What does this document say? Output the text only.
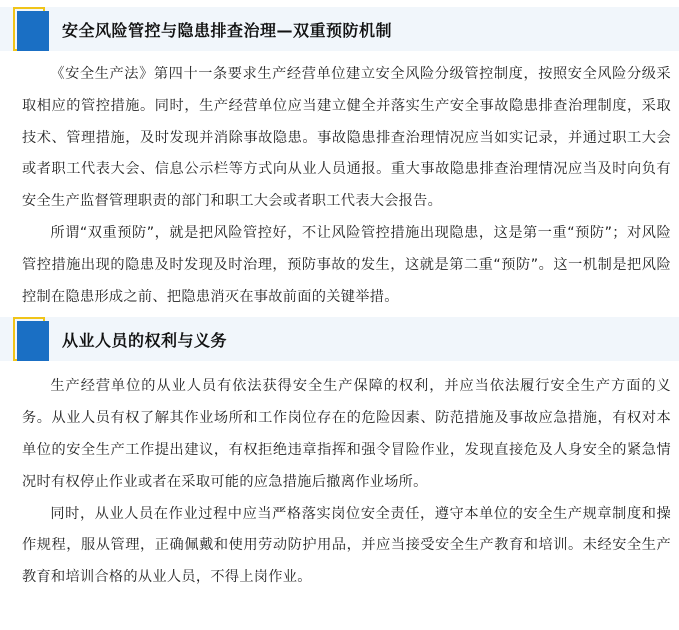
安全风险管控与隐患排查治理—双重预防机制

《安全生产法》第四十一条要求生产经营单位建立安全风险分级管控制度，按照安全风险分级采取相应的管控措施。同时，生产经营单位应当建立健全并落实生产安全事故隐患排查治理制度，采取技术、管理措施，及时发现并消除事故隐患。事故隐患排查治理情况应当如实记录，并通过职工大会或者职工代表大会、信息公示栏等方式向从业人员通报。重大事故隐患排查治理情况应当及时向负有安全生产监督管理职责的部门和职工大会或者职工代表大会报告。

所谓“双重预防”，就是把风险管控好，不让风险管控措施出现隐患，这是第一重“预防”；对风险管控措施出现的隐患及时发现及时治理，预防事故的发生，这就是第二重“预防”。这一机制是把风险控制在隐患形成之前、把隐患消灭在事故前面的关键举措。

从业人员的权利与义务

生产经营单位的从业人员有依法获得安全生产保障的权利，并应当依法履行安全生产方面的义务。从业人员有权了解其作业场所和工作岗位存在的危险因素、防范措施及事故应急措施，有权对本单位的安全生产工作提出建议，有权拒绝违章指挥和强令冒险作业，发现直接危及人身安全的紧急情况时有权停止作业或者在采取可能的应急措施后撤离作业场所。

同时，从业人员在作业过程中应当严格落实岗位安全责任，遵守本单位的安全生产规章制度和操作规程，服从管理，正确佩戴和使用劳动防护用品，并应当接受安全生产教育和培训。未经安全生产教育和培训合格的从业人员，不得上岗作业。
